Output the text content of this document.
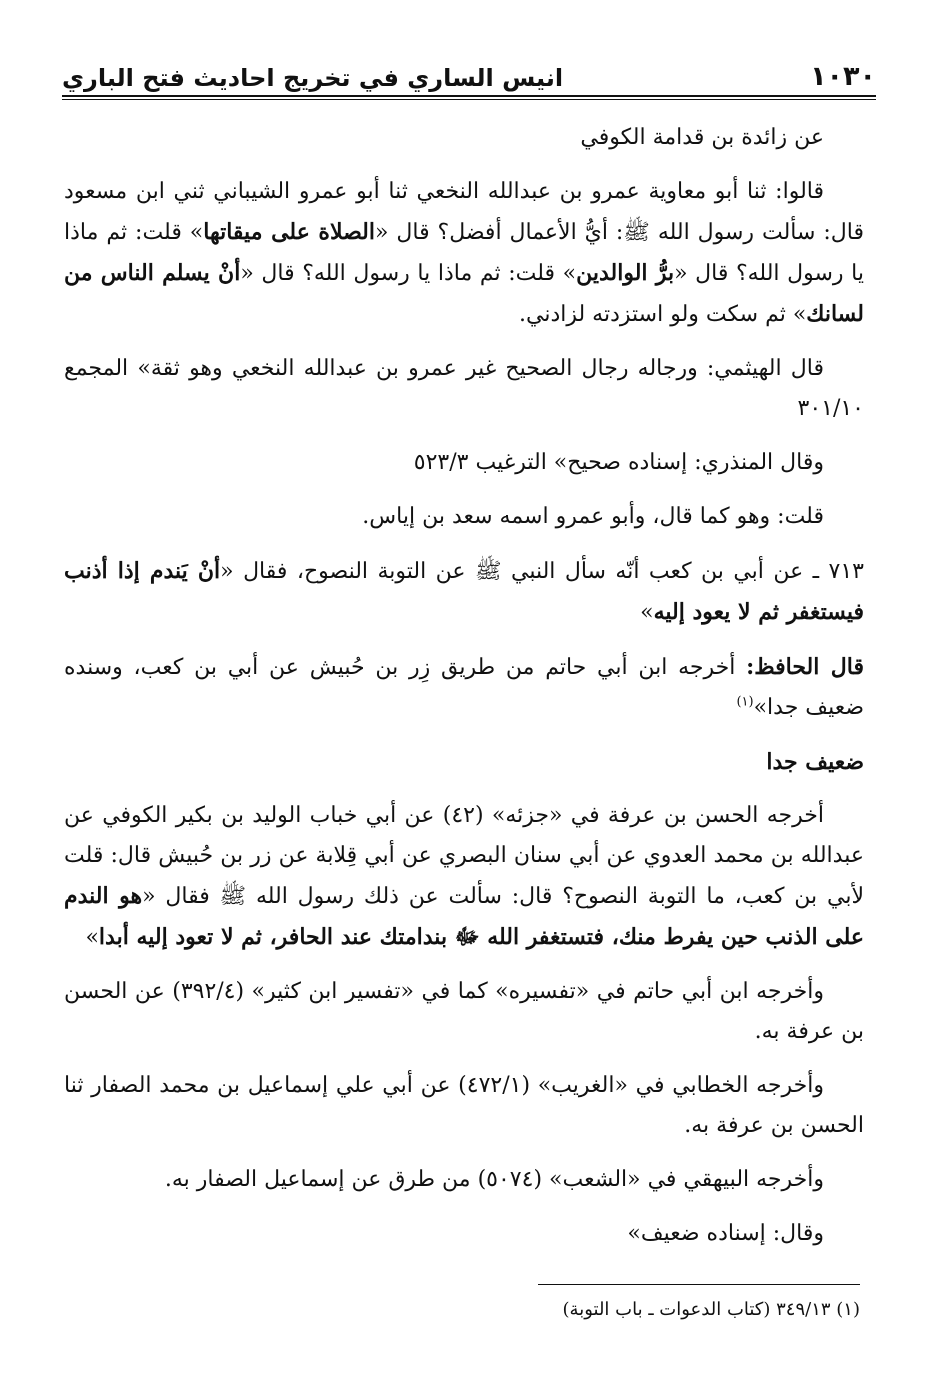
١٠٣٠
انيس الساري في تخريج احاديث فتح الباري

عن زائدة بن قدامة الكوفي

قالوا: ثنا أبو معاوية عمرو بن عبدالله النخعي ثنا أبو عمرو الشيباني ثني ابن مسعود قال: سألت رسول الله ﷺ: أيُّ الأعمال أفضل؟ قال «الصلاة على ميقاتها» قلت: ثم ماذا يا رسول الله؟ قال «برُّ الوالدين» قلت: ثم ماذا يا رسول الله؟ قال «أنْ يسلم الناس من لسانك» ثم سكت ولو استزدته لزادني.

قال الهيثمي: ورجاله رجال الصحيح غير عمرو بن عبدالله النخعي وهو ثقة» المجمع ٣٠١/١٠

وقال المنذري: إسناده صحيح» الترغيب ٥٢٣/٣

قلت: وهو كما قال، وأبو عمرو اسمه سعد بن إياس.

٧١٣ ـ عن أبي بن كعب أنّه سأل النبي ﷺ عن التوبة النصوح، فقال «أنْ يَندم إذا أذنب فيستغفر ثم لا يعود إليه»

قال الحافظ: أخرجه ابن أبي حاتم من طريق زِر بن حُبيش عن أبي بن كعب، وسنده ضعيف جدا»$^{(١)}$

ضعيف جدا

أخرجه الحسن بن عرفة في «جزئه» (٤٢) عن أبي خباب الوليد بن بكير الكوفي عن عبدالله بن محمد العدوي عن أبي سنان البصري عن أبي قِلابة عن زر بن حُبيش قال: قلت لأبي بن كعب، ما التوبة النصوح؟ قال: سألت عن ذلك رسول الله ﷺ فقال «هو الندم على الذنب حين يفرط منك، فتستغفر الله ﷻ بندامتك عند الحافر، ثم لا تعود إليه أبدا»

وأخرجه ابن أبي حاتم في «تفسيره» كما في «تفسير ابن كثير» (٣٩٢/٤) عن الحسن بن عرفة به.

وأخرجه الخطابي في «الغريب» (٤٧٢/١) عن أبي علي إسماعيل بن محمد الصفار ثنا الحسن بن عرفة به.

وأخرجه البيهقي في «الشعب» (٥٠٧٤) من طرق عن إسماعيل الصفار به.

وقال: إسناده ضعيف»

(١) ٣٤٩/١٣ (كتاب الدعوات ـ باب التوبة)
